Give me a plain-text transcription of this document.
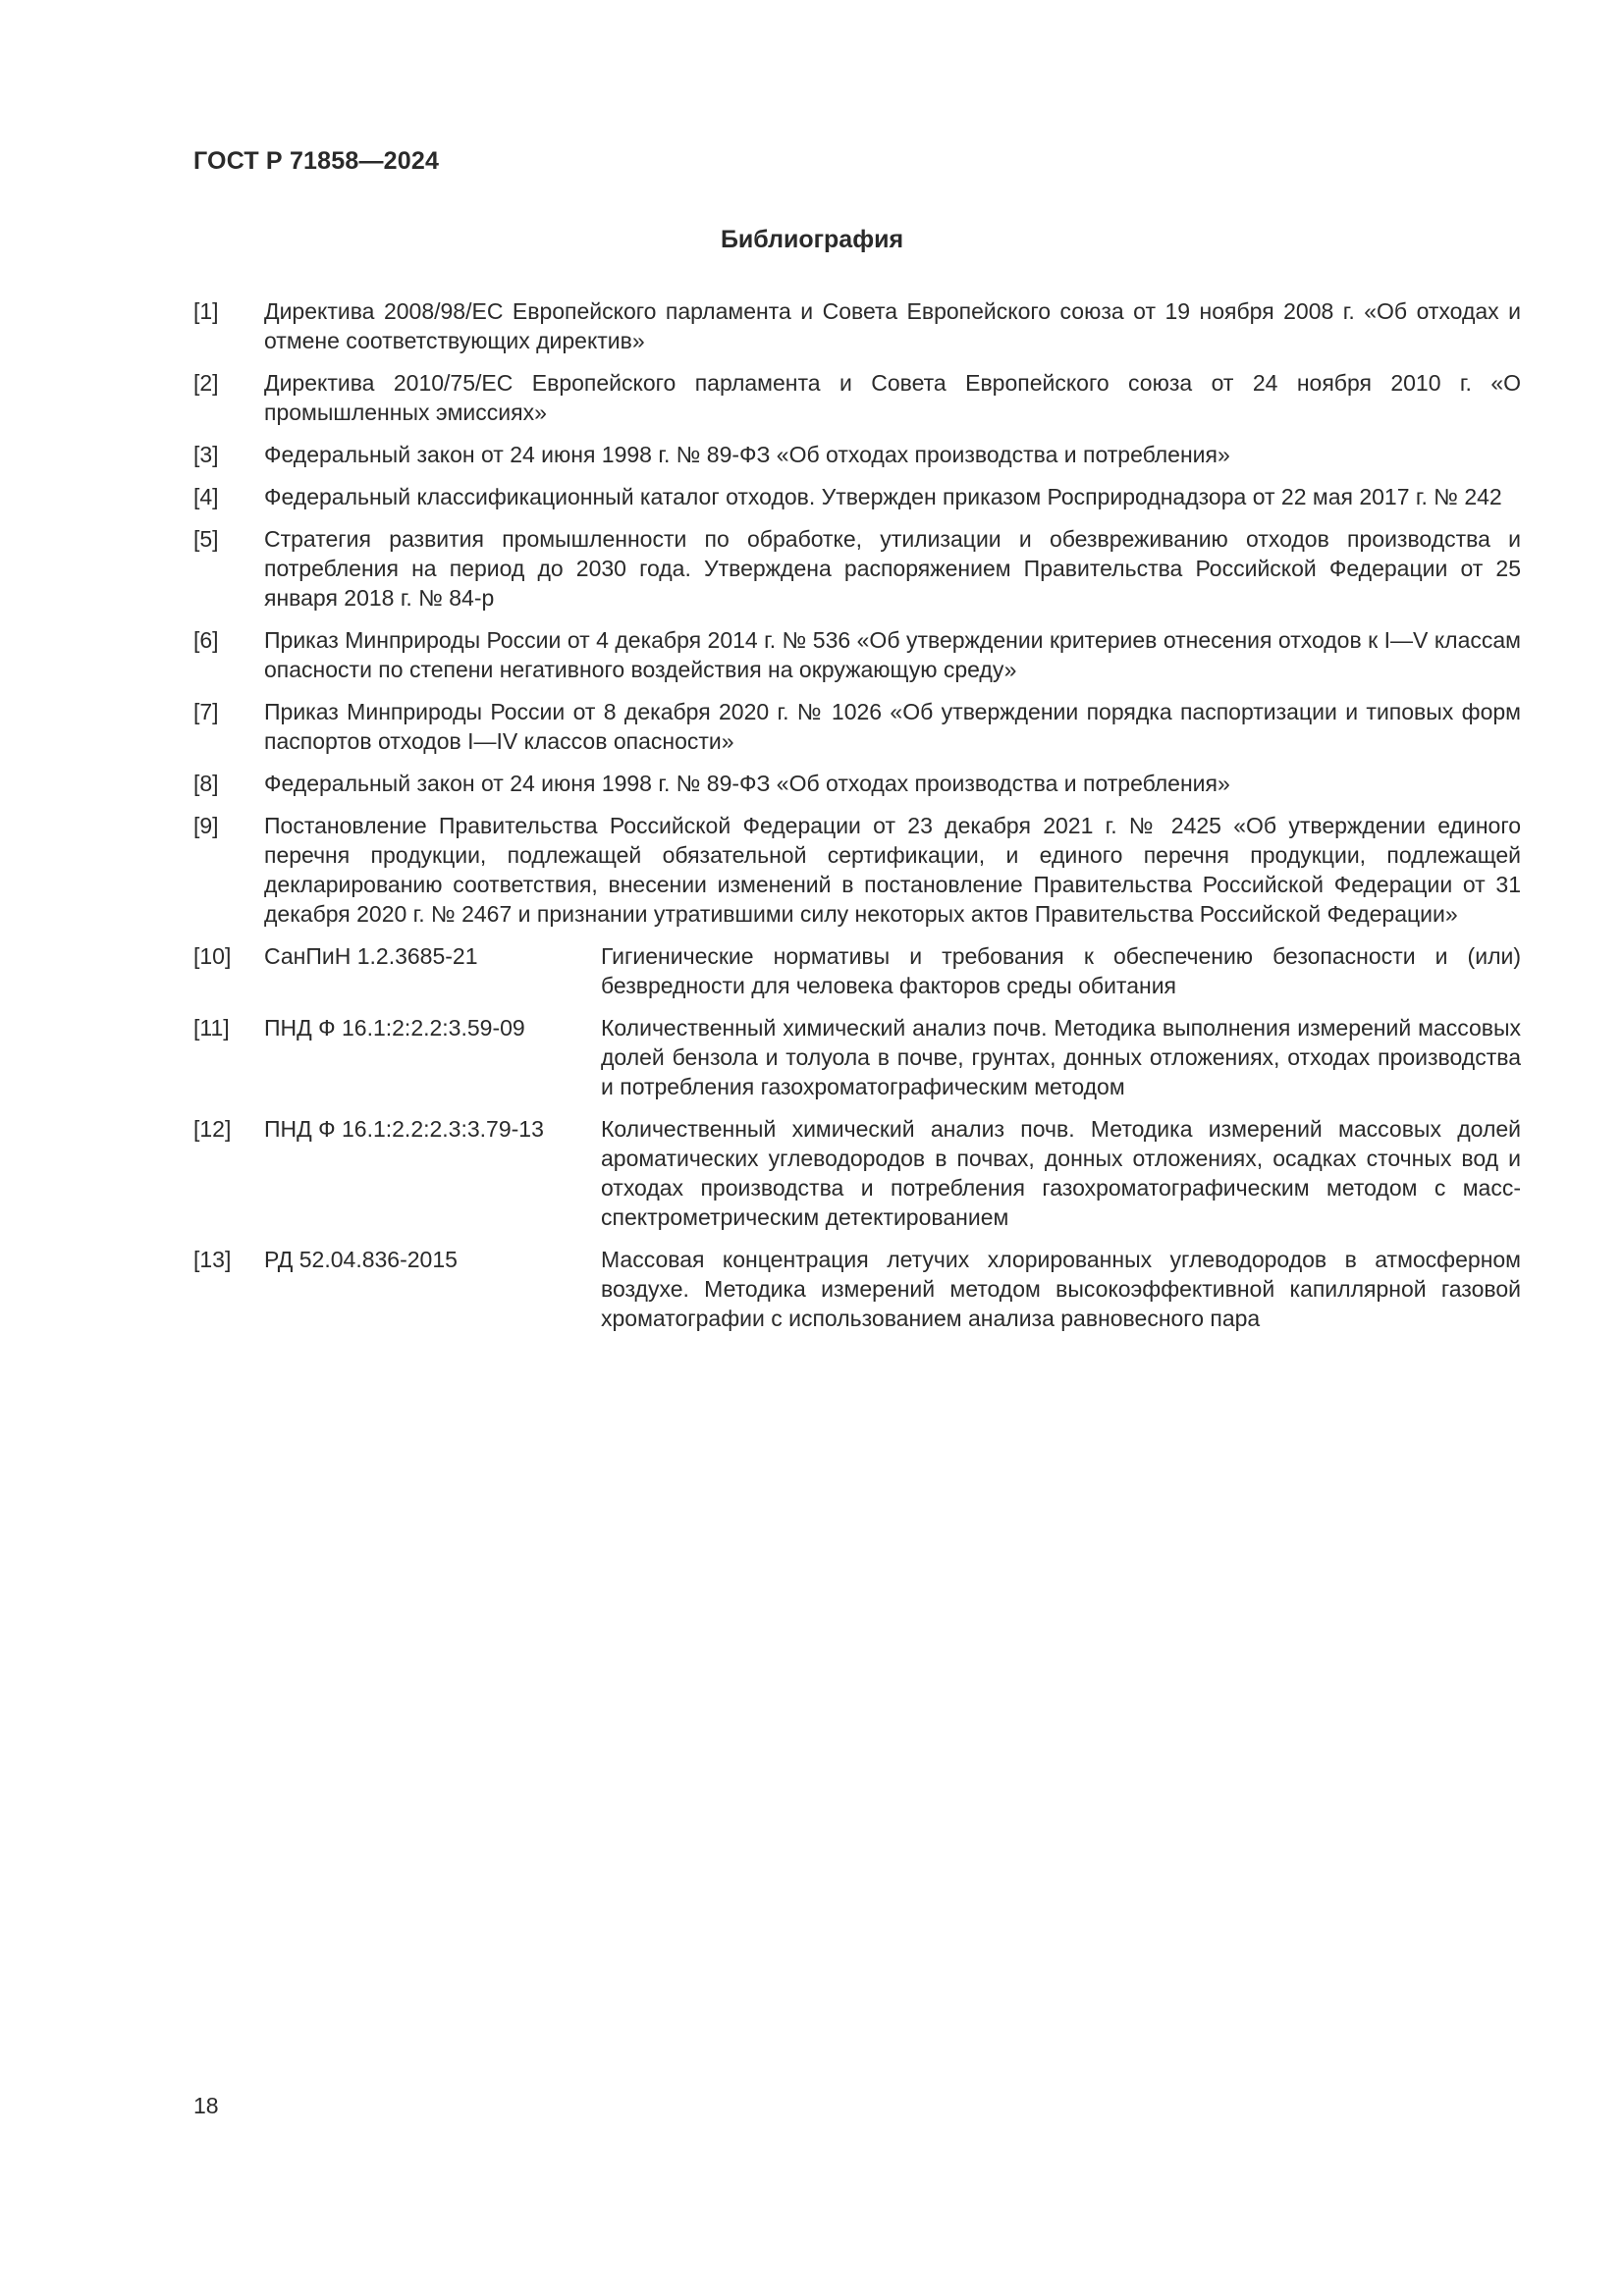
ГОСТ Р 71858—2024
Библиография
[1]	Директива 2008/98/ЕС Европейского парламента и Совета Европейского союза от 19 ноября 2008 г. «Об отходах и отмене соответствующих директив»
[2]	Директива 2010/75/ЕС Европейского парламента и Совета Европейского союза от 24 ноября 2010 г. «О промышленных эмиссиях»
[3]	Федеральный закон от 24 июня 1998 г. № 89-ФЗ «Об отходах производства и потребления»
[4]	Федеральный классификационный каталог отходов. Утвержден приказом Росприроднадзора от 22 мая 2017 г. № 242
[5]	Стратегия развития промышленности по обработке, утилизации и обезвреживанию отходов производства и потребления на период до 2030 года. Утверждена распоряжением Правительства Российской Федерации от 25 января 2018 г. № 84-р
[6]	Приказ Минприроды России от 4 декабря 2014 г. № 536 «Об утверждении критериев отнесения отходов к I—V классам опасности по степени негативного воздействия на окружающую среду»
[7]	Приказ Минприроды России от 8 декабря 2020 г. № 1026 «Об утверждении порядка паспортизации и типовых форм паспортов отходов I—IV классов опасности»
[8]	Федеральный закон от 24 июня 1998 г. № 89-ФЗ «Об отходах производства и потребления»
[9]	Постановление Правительства Российской Федерации от 23 декабря 2021 г. № 2425 «Об утверждении единого перечня продукции, подлежащей обязательной сертификации, и единого перечня продукции, подлежащей декларированию соответствия, внесении изменений в постановление Правительства Российской Федерации от 31 декабря 2020 г. № 2467 и признании утратившими силу некоторых актов Правительства Российской Федерации»
[10]	СанПиН 1.2.3685-21	Гигиенические нормативы и требования к обеспечению безопасности и (или) безвредности для человека факторов среды обитания
[11]	ПНД Ф 16.1:2:2.2:3.59-09	Количественный химический анализ почв. Методика выполнения измерений массовых долей бензола и толуола в почве, грунтах, донных отложениях, отходах производства и потребления газохроматографическим методом
[12]	ПНД Ф 16.1:2.2:2.3:3.79-13	Количественный химический анализ почв. Методика измерений массовых долей ароматических углеводородов в почвах, донных отложениях, осадках сточных вод и отходах производства и потребления газохроматографическим методом с масс-спектрометрическим детектированием
[13]	РД 52.04.836-2015	Массовая концентрация летучих хлорированных углеводородов в атмосферном воздухе. Методика измерений методом высокоэффективной капиллярной газовой хроматографии с использованием анализа равновесного пара
18
